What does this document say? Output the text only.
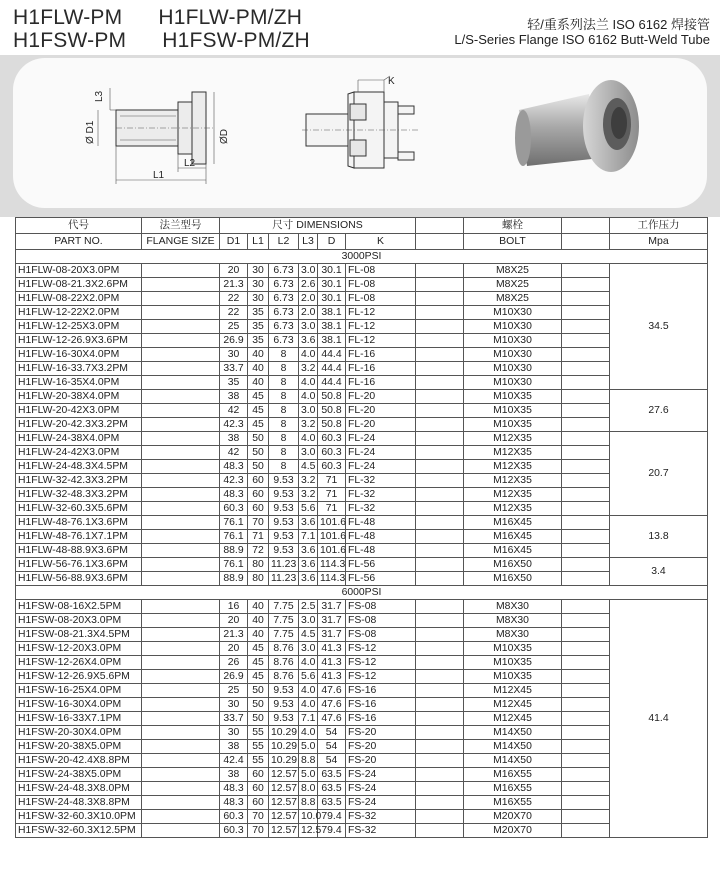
H1FLW-PM H1FLW-PM/ZH
H1FSW-PM H1FSW-PM/ZH
轻/重系列法兰 ISO 6162 焊接管
L/S-Series Flange ISO 6162 Butt-Weld Tube
L3
Ø D1	ØD
L2
L1
K
代号	法兰型号	尺寸 DIMENSIONS							螺栓		工作压力
PART NO.	FLANGE SIZE	D1	L1	L2	L3	D	K		BOLT		Mpa
3000PSI											
H1FLW-08-20X3.0PM		20	30	6.73	3.0	30.1	FL-08		M8X25		34.5
H1FLW-08-21.3X2.6PM		21.3	30	6.73	2.6	30.1	FL-08		M8X25		
H1FLW-08-22X2.0PM		22	30	6.73	2.0	30.1	FL-08		M8X25		
H1FLW-12-22X2.0PM		22	35	6.73	2.0	38.1	FL-12		M10X30		
H1FLW-12-25X3.0PM		25	35	6.73	3.0	38.1	FL-12		M10X30		
H1FLW-12-26.9X3.6PM		26.9	35	6.73	3.6	38.1	FL-12		M10X30		
H1FLW-16-30X4.0PM		30	40	8	4.0	44.4	FL-16		M10X30		
H1FLW-16-33.7X3.2PM		33.7	40	8	3.2	44.4	FL-16		M10X30		
H1FLW-16-35X4.0PM		35	40	8	4.0	44.4	FL-16		M10X30		
H1FLW-20-38X4.0PM		38	45	8	4.0	50.8	FL-20		M10X35		27.6
H1FLW-20-42X3.0PM		42	45	8	3.0	50.8	FL-20		M10X35		
H1FLW-20-42.3X3.2PM		42.3	45	8	3.2	50.8	FL-20		M10X35		
H1FLW-24-38X4.0PM		38	50	8	4.0	60.3	FL-24		M12X35		20.7
H1FLW-24-42X3.0PM		42	50	8	3.0	60.3	FL-24		M12X35		
H1FLW-24-48.3X4.5PM		48.3	50	8	4.5	60.3	FL-24		M12X35		
H1FLW-32-42.3X3.2PM		42.3	60	9.53	3.2	71	FL-32		M12X35		
H1FLW-32-48.3X3.2PM		48.3	60	9.53	3.2	71	FL-32		M12X35		
H1FLW-32-60.3X5.6PM		60.3	60	9.53	5.6	71	FL-32		M12X35		
H1FLW-48-76.1X3.6PM		76.1	70	9.53	3.6	101.6	FL-48		M16X45		13.8
H1FLW-48-76.1X7.1PM		76.1	71	9.53	7.1	101.6	FL-48		M16X45		
H1FLW-48-88.9X3.6PM		88.9	72	9.53	3.6	101.6	FL-48		M16X45		
H1FLW-56-76.1X3.6PM		76.1	80	11.23	3.6	114.3	FL-56		M16X50		3.4
H1FLW-56-88.9X3.6PM		88.9	80	11.23	3.6	114.3	FL-56		M16X50		
6000PSI											
H1FSW-08-16X2.5PM		16	40	7.75	2.5	31.7	FS-08		M8X30		41.4
H1FSW-08-20X3.0PM		20	40	7.75	3.0	31.7	FS-08		M8X30		
H1FSW-08-21.3X4.5PM		21.3	40	7.75	4.5	31.7	FS-08		M8X30		
H1FSW-12-20X3.0PM		20	45	8.76	3.0	41.3	FS-12		M10X35		
H1FSW-12-26X4.0PM		26	45	8.76	4.0	41.3	FS-12		M10X35		
H1FSW-12-26.9X5.6PM		26.9	45	8.76	5.6	41.3	FS-12		M10X35		
H1FSW-16-25X4.0PM		25	50	9.53	4.0	47.6	FS-16		M12X45		
H1FSW-16-30X4.0PM		30	50	9.53	4.0	47.6	FS-16		M12X45		
H1FSW-16-33X7.1PM		33.7	50	9.53	7.1	47.6	FS-16		M12X45		
H1FSW-20-30X4.0PM		30	55	10.29	4.0	54	FS-20		M14X50		
H1FSW-20-38X5.0PM		38	55	10.29	5.0	54	FS-20		M14X50		
H1FSW-20-42.4X8.8PM		42.4	55	10.29	8.8	54	FS-20		M14X50		
H1FSW-24-38X5.0PM		38	60	12.57	5.0	63.5	FS-24		M16X55		
H1FSW-24-48.3X8.0PM		48.3	60	12.57	8.0	63.5	FS-24		M16X55		
H1FSW-24-48.3X8.8PM		48.3	60	12.57	8.8	63.5	FS-24		M16X55		
H1FSW-32-60.3X10.0PM		60.3	70	12.57	10.0	79.4	FS-32		M20X70		
H1FSW-32-60.3X12.5PM		60.3	70	12.57	12.5	79.4	FS-32		M20X70		
